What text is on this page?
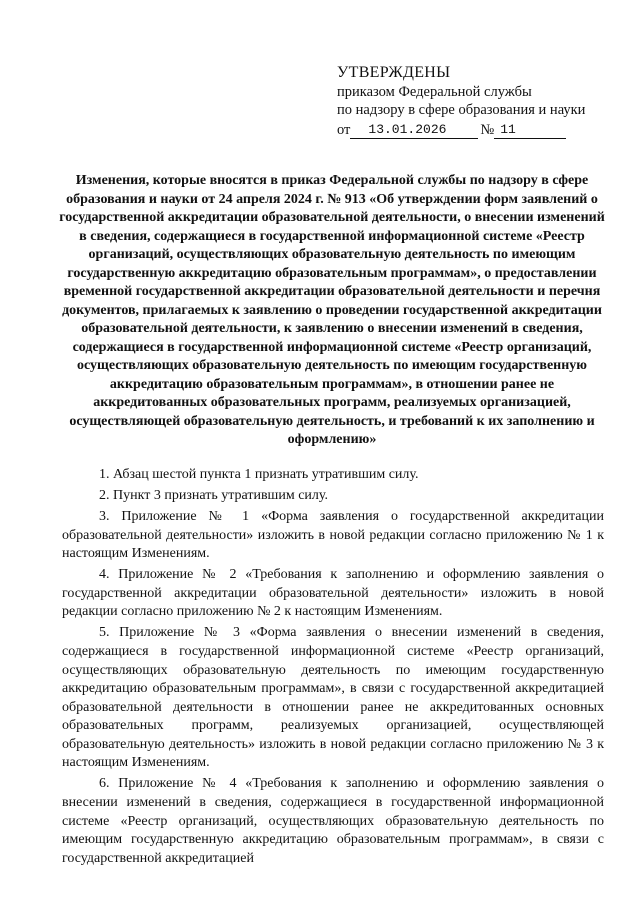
УТВЕРЖДЕНЫ
приказом Федеральной службы
по надзору в сфере образования и науки
от	13.01.2026	№ 11
Изменения, которые вносятся в приказ Федеральной службы по надзору в сфере образования и науки от 24 апреля 2024 г. № 913 «Об утверждении форм заявлений о государственной аккредитации образовательной деятельности, о внесении изменений в сведения, содержащиеся в государственной информационной системе «Реестр организаций, осуществляющих образовательную деятельность по имеющим государственную аккредитацию образовательным программам», о предоставлении временной государственной аккредитации образовательной деятельности и перечня документов, прилагаемых к заявлению о проведении государственной аккредитации образовательной деятельности, к заявлению о внесении изменений в сведения, содержащиеся в государственной информационной системе «Реестр организаций, осуществляющих образовательную деятельность по имеющим государственную аккредитацию образовательным программам», в отношении ранее не аккредитованных образовательных программ, реализуемых организацией, осуществляющей образовательную деятельность, и требований к их заполнению и оформлению»

1. Абзац шестой пункта 1 признать утратившим силу.

2. Пункт 3 признать утратившим силу.

3. Приложение № 1 «Форма заявления о государственной аккредитации образовательной деятельности» изложить в новой редакции согласно приложению № 1 к настоящим Изменениям.

4. Приложение № 2 «Требования к заполнению и оформлению заявления о государственной аккредитации образовательной деятельности» изложить в новой редакции согласно приложению № 2 к настоящим Изменениям.

5. Приложение № 3 «Форма заявления о внесении изменений в сведения, содержащиеся в государственной информационной системе «Реестр организаций, осуществляющих образовательную деятельность по имеющим государственную аккредитацию образовательным программам», в связи с государственной аккредитацией образовательной деятельности в отношении ранее не аккредитованных основных образовательных программ, реализуемых организацией, осуществляющей образовательную деятельность» изложить в новой редакции согласно приложению № 3 к настоящим Изменениям.

6. Приложение № 4 «Требования к заполнению и оформлению заявления о внесении изменений в сведения, содержащиеся в государственной информационной системе «Реестр организаций, осуществляющих образовательную деятельность по имеющим государственную аккредитацию образовательным программам», в связи с государственной аккредитацией
